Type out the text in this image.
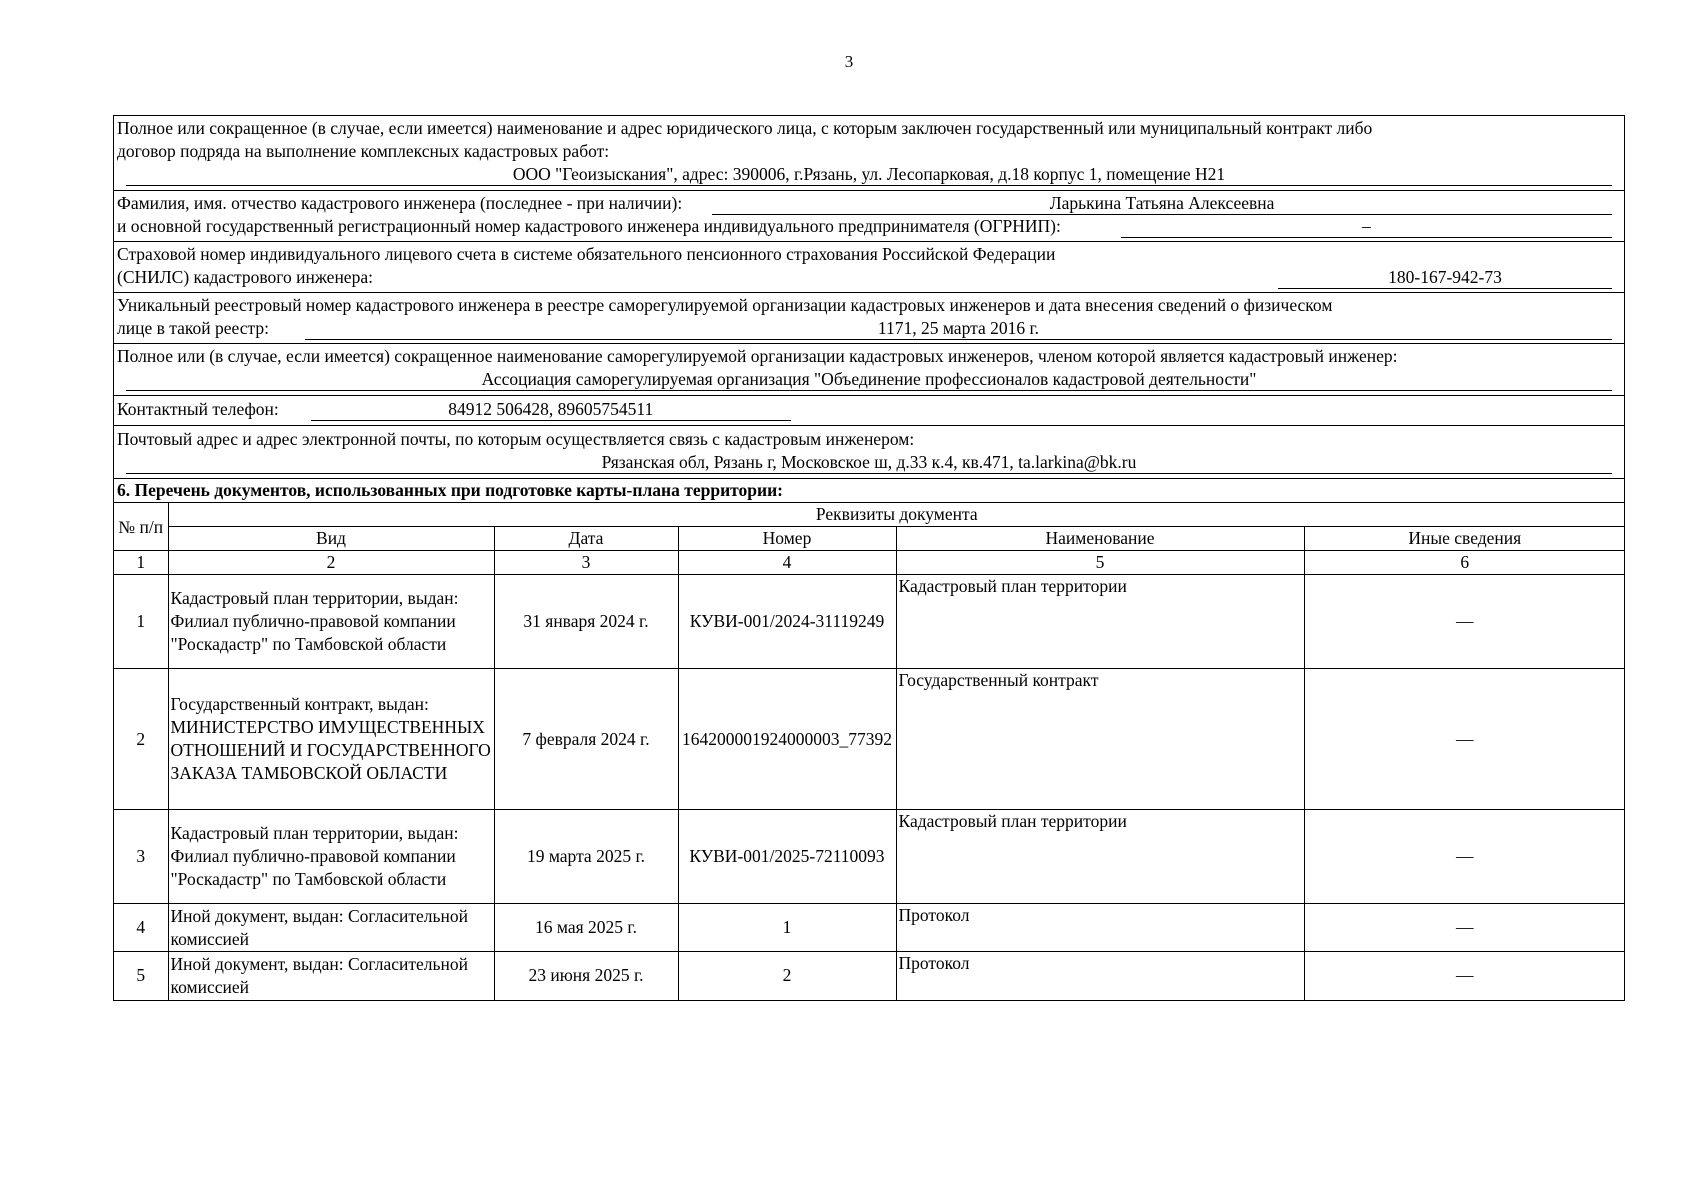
3
Полное или сокращенное (в случае, если имеется) наименование и адрес юридического лица, с которым заключен государственный или муниципальный контракт либо
договор подряда на выполнение комплексных кадастровых работ:
ООО "Геоизыскания", адрес: 390006, г.Рязань, ул. Лесопарковая, д.18 корпус 1, помещение Н21
Фамилия, имя. отчество кадастрового инженера (последнее - при наличии):	Ларькина Татьяна Алексеевна
и основной государственный регистрационный номер кадастрового инженера индивидуального предпринимателя (ОГРНИП):	–
Страховой номер индивидуального лицевого счета в системе обязательного пенсионного страхования Российской Федерации
(СНИЛС) кадастрового инженера:	180-167-942-73
Уникальный реестровый номер кадастрового инженера в реестре саморегулируемой организации кадастровых инженеров и дата внесения сведений о физическом
лице в такой реестр:	1171, 25 марта 2016 г.
Полное или (в случае, если имеется) сокращенное наименование саморегулируемой организации кадастровых инженеров, членом которой является кадастровый инженер:
Ассоциация саморегулируемая организация "Объединение профессионалов кадастровой деятельности"
Контактный телефон:	84912 506428, 89605754511
Почтовый адрес и адрес электронной почты, по которым осуществляется связь с кадастровым инженером:
Рязанская обл, Рязань г, Московское ш, д.33 к.4, кв.471, ta.larkina@bk.ru
6. Перечень документов, использованных при подготовке карты-плана территории:
№ п/п	Реквизиты документа				
	Вид	Дата	Номер	Наименование	Иные сведения
1	2	3	4	5	6
1	Кадастровый план территории, выдан: Филиал публично-правовой компании "Роскадастр" по Тамбовской области	31 января 2024 г.	КУВИ-001/2024-31119249	Кадастровый план территории	—
2	Государственный контракт, выдан: МИНИСТЕРСТВО ИМУЩЕСТВЕННЫХ ОТНОШЕНИЙ И ГОСУДАРСТВЕННОГО ЗАКАЗА ТАМБОВСКОЙ ОБЛАСТИ	7 февраля 2024 г.	164200001924000003_77392	Государственный контракт	—
3	Кадастровый план территории, выдан: Филиал публично-правовой компании "Роскадастр" по Тамбовской области	19 марта 2025 г.	КУВИ-001/2025-72110093	Кадастровый план территории	—
4	Иной документ, выдан: Согласительной комиссией	16 мая 2025 г.	1	Протокол	—
5	Иной документ, выдан: Согласительной комиссией	23 июня 2025 г.	2	Протокол	—
